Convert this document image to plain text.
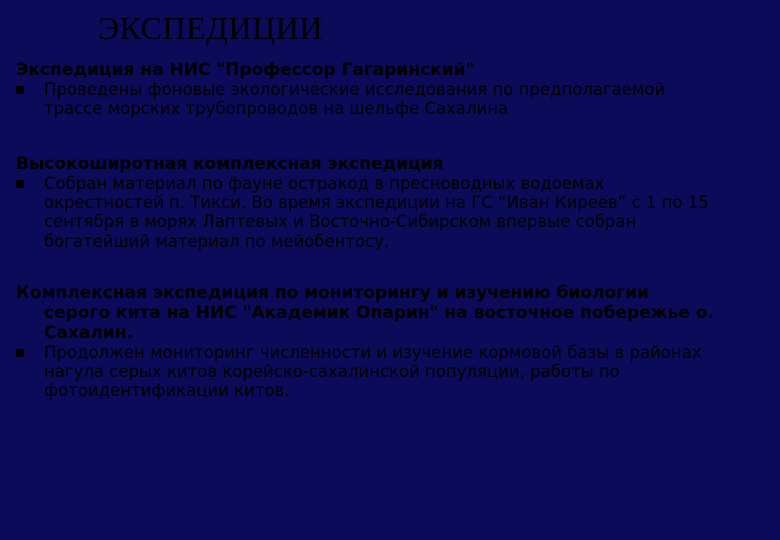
ЭКСПЕДИЦИИ
Экспедиция на НИС "Профессор Гагаринский"
Проведены фоновые экологические исследования по предполагаемой
трассе морских трубопроводов на шельфе Сахалина
Высокоширотная комплексная экспедиция
Собран материал по фауне остракод в пресноводных водоемах
окрестностей п. Тикси. Во время экспедиции на ГС “Иван Киреев” с 1 по 15
сентября в морях Лаптевых и Восточно-Сибирском впервые собран
богатейший материал по мейобентосу.
Комплексная экспедиция по мониторингу и изучению биологии
серого кита на НИС "Академик Опарин" на восточное побережье о.
Сахалин.
Продолжен мониторинг численности и изучение кормовой базы в районах
нагула серых китов корейско-сахалинской популяции, работы по
фотоидентификации китов.
